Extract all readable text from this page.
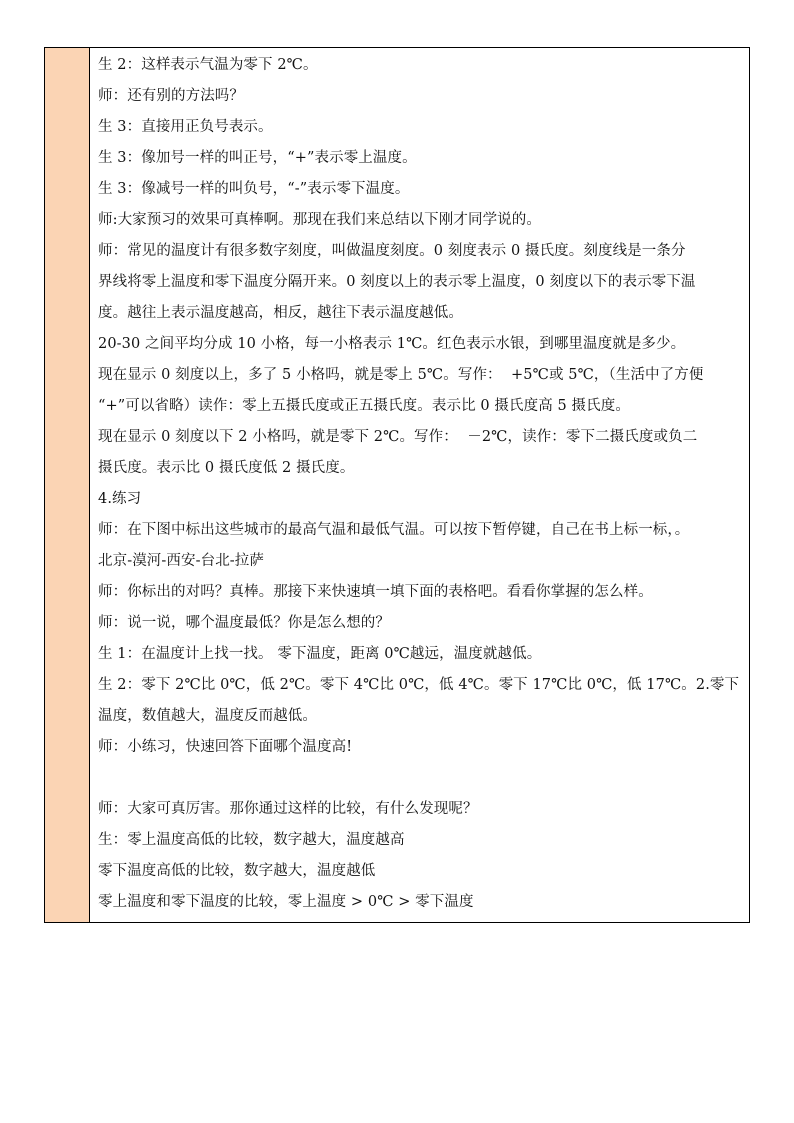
生 2：这样表示气温为零下 2℃。
师：还有别的方法吗？
生 3：直接用正负号表示。
生 3：像加号一样的叫正号，“+”表示零上温度。
生 3：像减号一样的叫负号，“-”表示零下温度。
师:大家预习的效果可真棒啊。那现在我们来总结以下刚才同学说的。
师：常见的温度计有很多数字刻度，叫做温度刻度。0 刻度表示 0 摄氏度。刻度线是一条分
界线将零上温度和零下温度分隔开来。0 刻度以上的表示零上温度，0 刻度以下的表示零下温
度。越往上表示温度越高，相反，越往下表示温度越低。
20-30 之间平均分成 10 小格，每一小格表示 1℃。红色表示水银，到哪里温度就是多少。
现在显示 0 刻度以上，多了 5 小格吗，就是零上 5℃。写作：  +5℃或 5℃，（生活中了方便
“+”可以省略）读作：零上五摄氏度或正五摄氏度。表示比 0 摄氏度高 5 摄氏度。
现在显示 0 刻度以下 2 小格吗，就是零下 2℃。写作：  －2℃，读作：零下二摄氏度或负二
摄氏度。表示比 0 摄氏度低 2 摄氏度。
4.练习
师：在下图中标出这些城市的最高气温和最低气温。可以按下暂停键，自己在书上标一标，。
北京-漠河-西安-台北-拉萨
师：你标出的对吗？真棒。那接下来快速填一填下面的表格吧。看看你掌握的怎么样。
师：说一说，哪个温度最低？你是怎么想的？
生 1：在温度计上找一找。 零下温度，距离 0℃越远，温度就越低。
生 2：零下 2℃比 0℃，低 2℃。零下 4℃比 0℃，低 4℃。零下 17℃比 0℃，低 17℃。2.零下
温度，数值越大，温度反而越低。
师：小练习，快速回答下面哪个温度高!
师：大家可真厉害。那你通过这样的比较，有什么发现呢？
生：零上温度高低的比较，数字越大，温度越高
零下温度高低的比较，数字越大，温度越低
零上温度和零下温度的比较，零上温度 > 0℃ > 零下温度
